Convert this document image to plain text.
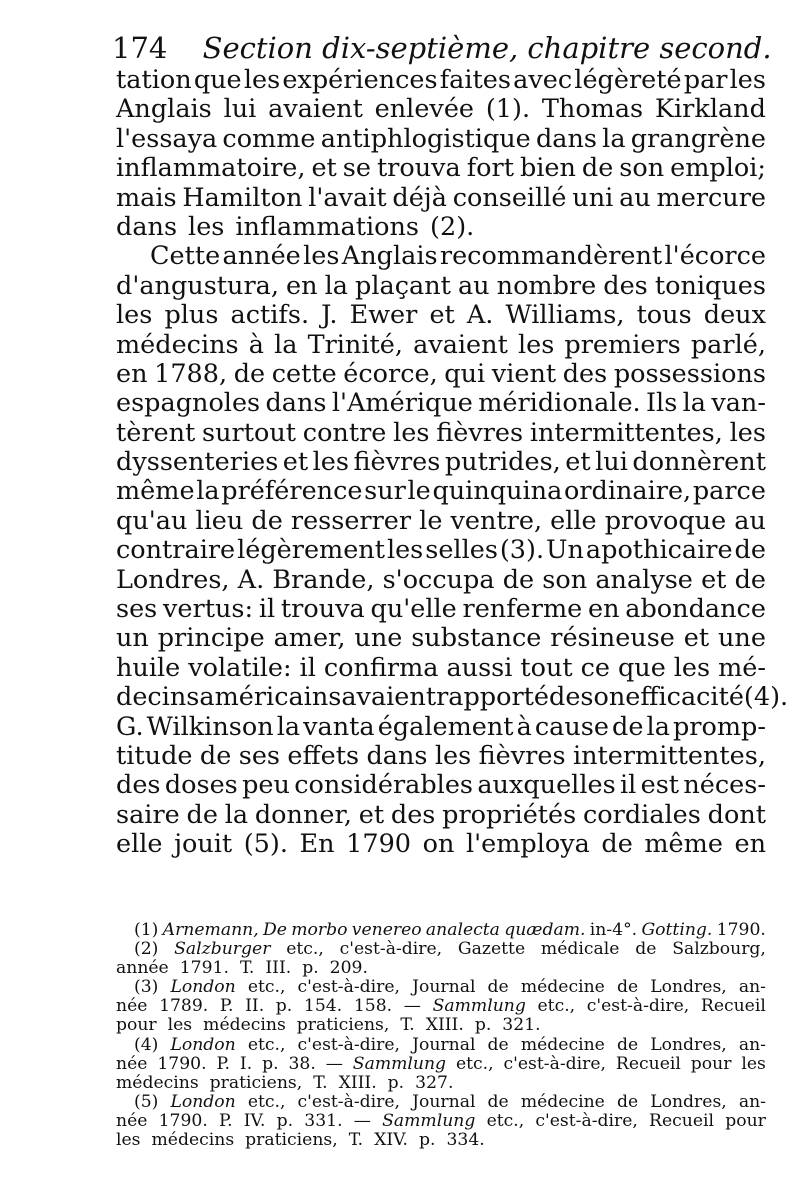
174 Section dix-septième, chapitre second.
tation que les expériences faites avec légèreté par les
Anglais lui avaient enlevée (1). Thomas Kirkland
l'essaya comme antiphlogistique dans la grangrène
inflammatoire, et se trouva fort bien de son emploi;
mais Hamilton l'avait déjà conseillé uni au mercure
dans les inflammations (2).
Cette année les Anglais recommandèrent l'écorce
d'angustura, en la plaçant au nombre des toniques
les plus actifs. J. Ewer et A. Williams, tous deux
médecins à la Trinité, avaient les premiers parlé,
en 1788, de cette écorce, qui vient des possessions
espagnoles dans l'Amérique méridionale. Ils la van-
tèrent surtout contre les fièvres intermittentes, les
dyssenteries et les fièvres putrides, et lui donnèrent
même la préférence sur le quinquina ordinaire, parce
qu'au lieu de resserrer le ventre, elle provoque au
contraire légèrement les selles (3). Un apothicaire de
Londres, A. Brande, s'occupa de son analyse et de
ses vertus: il trouva qu'elle renferme en abondance
un principe amer, une substance résineuse et une
huile volatile: il confirma aussi tout ce que les mé-
decins américains avaient rapporté de son efficacité (4).
G. Wilkinson la vanta également à cause de la promp-
titude de ses effets dans les fièvres intermittentes,
des doses peu considérables auxquelles il est néces-
saire de la donner, et des propriétés cordiales dont
elle jouit (5). En 1790 on l'employa de même en
(1) Arnemann, De morbo venereo analecta quædam. in-4°. Gotting. 1790.
(2) Salzburger etc., c'est-à-dire, Gazette médicale de Salzbourg,
année 1791. T. III. p. 209.
(3) London etc., c'est-à-dire, Journal de médecine de Londres, an-
née 1789. P. II. p. 154. 158. — Sammlung etc., c'est-à-dire, Recueil
pour les médecins praticiens, T. XIII. p. 321.
(4) London etc., c'est-à-dire, Journal de médecine de Londres, an-
née 1790. P. I. p. 38. — Sammlung etc., c'est-à-dire, Recueil pour les
médecins praticiens, T. XIII. p. 327.
(5) London etc., c'est-à-dire, Journal de médecine de Londres, an-
née 1790. P. IV. p. 331. — Sammlung etc., c'est-à-dire, Recueil pour
les médecins praticiens, T. XIV. p. 334.
